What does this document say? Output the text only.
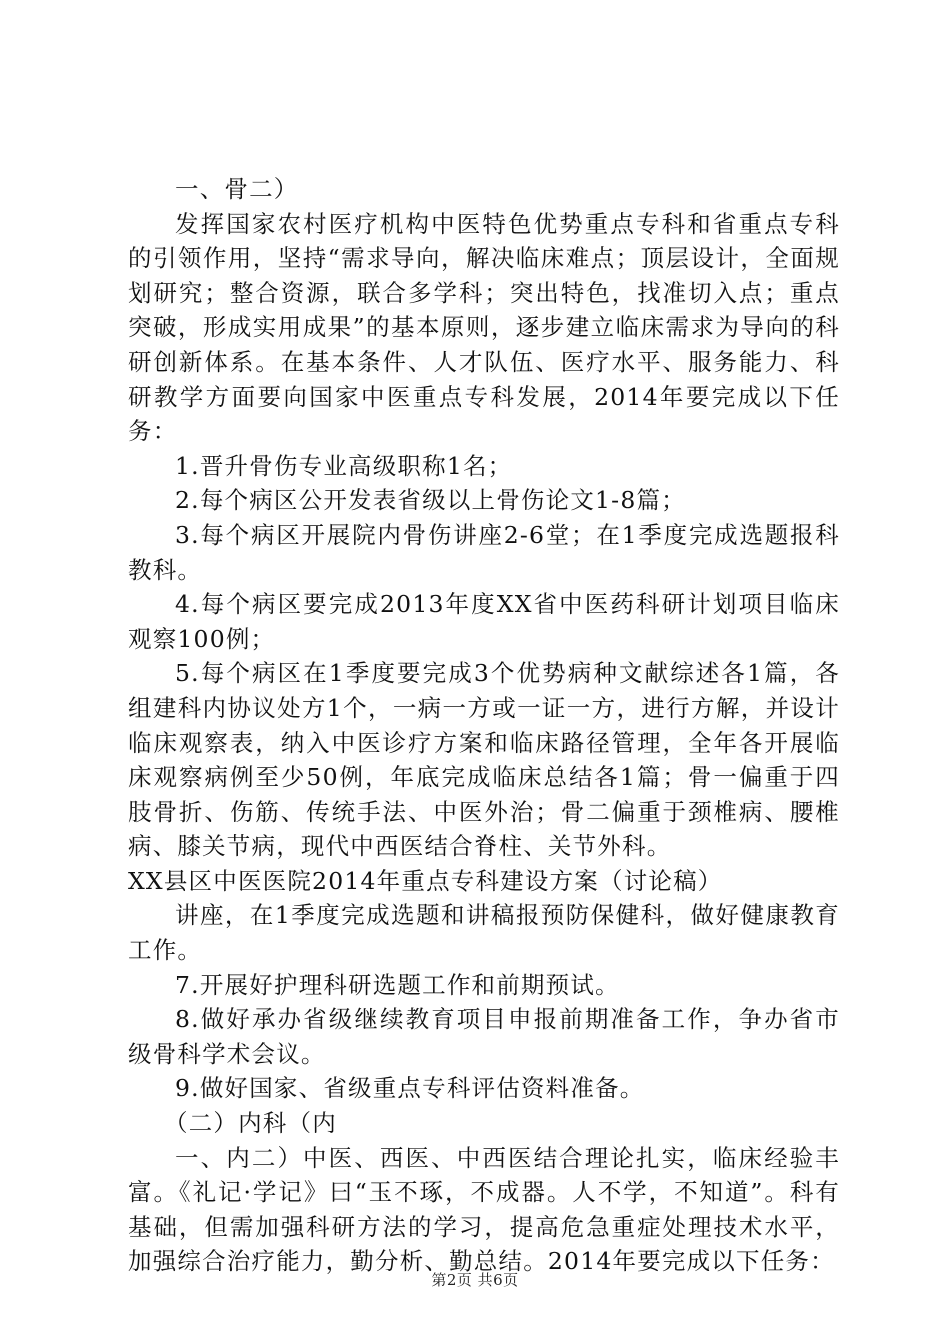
一、骨二）

发挥国家农村医疗机构中医特色优势重点专科和省重点专科的引领作用，坚持“需求导向，解决临床难点；顶层设计，全面规划研究；整合资源，联合多学科；突出特色，找准切入点；重点突破，形成实用成果”的基本原则，逐步建立临床需求为导向的科研创新体系。在基本条件、人才队伍、医疗水平、服务能力、科研教学方面要向国家中医重点专科发展，2014年要完成以下任务：

1.晋升骨伤专业高级职称1名；

2.每个病区公开发表省级以上骨伤论文1-8篇；

3.每个病区开展院内骨伤讲座2-6堂；在1季度完成选题报科教科。

4.每个病区要完成2013年度XX省中医药科研计划项目临床观察100例；

5.每个病区在1季度要完成3个优势病种文献综述各1篇，各组建科内协议处方1个，一病一方或一证一方，进行方解，并设计临床观察表，纳入中医诊疗方案和临床路径管理，全年各开展临床观察病例至少50例，年底完成临床总结各1篇；骨一偏重于四肢骨折、伤筋、传统手法、中医外治；骨二偏重于颈椎病、腰椎病、膝关节病，现代中西医结合脊柱、关节外科。

XX县区中医医院2014年重点专科建设方案（讨论稿）

讲座，在1季度完成选题和讲稿报预防保健科，做好健康教育工作。

7.开展好护理科研选题工作和前期预试。

8.做好承办省级继续教育项目申报前期准备工作，争办省市级骨科学术会议。

9.做好国家、省级重点专科评估资料准备。

（二）内科（内

一、内二）中医、西医、中西医结合理论扎实，临床经验丰富。《礼记·学记》曰“玉不琢，不成器。人不学，不知道”。科有基础，但需加强科研方法的学习，提高危急重症处理技术水平，加强综合治疗能力，勤分析、勤总结。2014年要完成以下任务：

第2页 共6页
